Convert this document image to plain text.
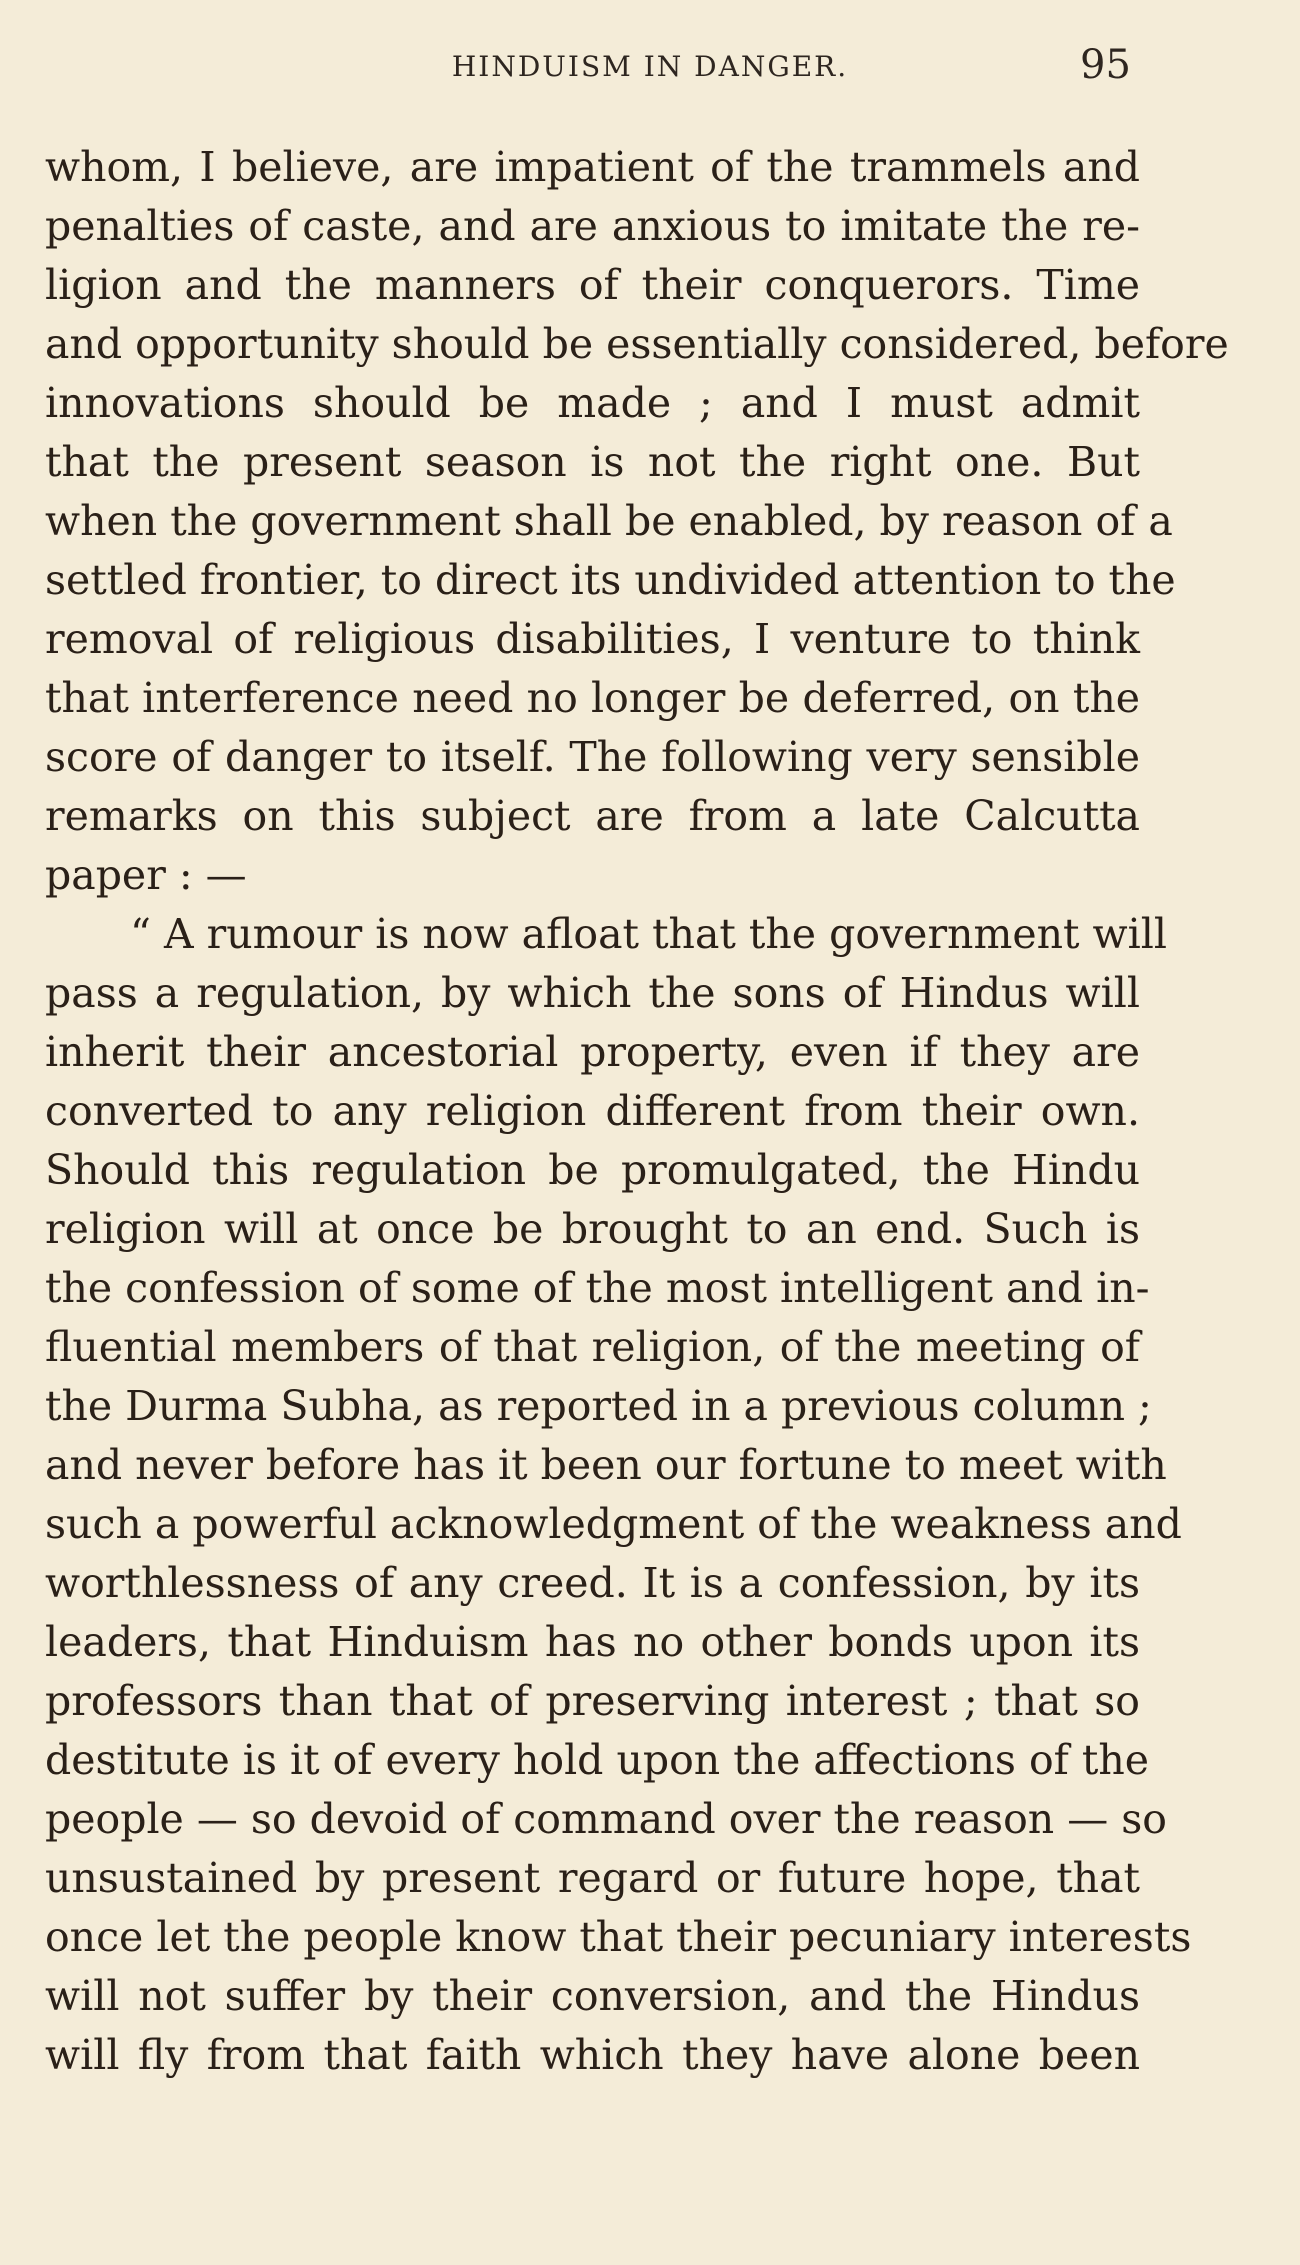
HINDUISM IN DANGER.	95
whom, I believe, are impatient of the trammels and
penalties of caste, and are anxious to imitate the re-
ligion and the manners of their conquerors. Time
and opportunity should be essentially considered, before
innovations should be made ; and I must admit
that the present season is not the right one. But
when the government shall be enabled, by reason of a
settled frontier, to direct its undivided attention to the
removal of religious disabilities, I venture to think
that interference need no longer be deferred, on the
score of danger to itself. The following very sensible
remarks on this subject are from a late Calcutta
paper : —
“ A rumour is now afloat that the government will
pass a regulation, by which the sons of Hindus will
inherit their ancestorial property, even if they are
converted to any religion different from their own.
Should this regulation be promulgated, the Hindu
religion will at once be brought to an end. Such is
the confession of some of the most intelligent and in-
fluential members of that religion, of the meeting of
the Durma Subha, as reported in a previous column ;
and never before has it been our fortune to meet with
such a powerful acknowledgment of the weakness and
worthlessness of any creed. It is a confession, by its
leaders, that Hinduism has no other bonds upon its
professors than that of preserving interest ; that so
destitute is it of every hold upon the affections of the
people — so devoid of command over the reason — so
unsustained by present regard or future hope, that
once let the people know that their pecuniary interests
will not suffer by their conversion, and the Hindus
will fly from that faith which they have alone been
